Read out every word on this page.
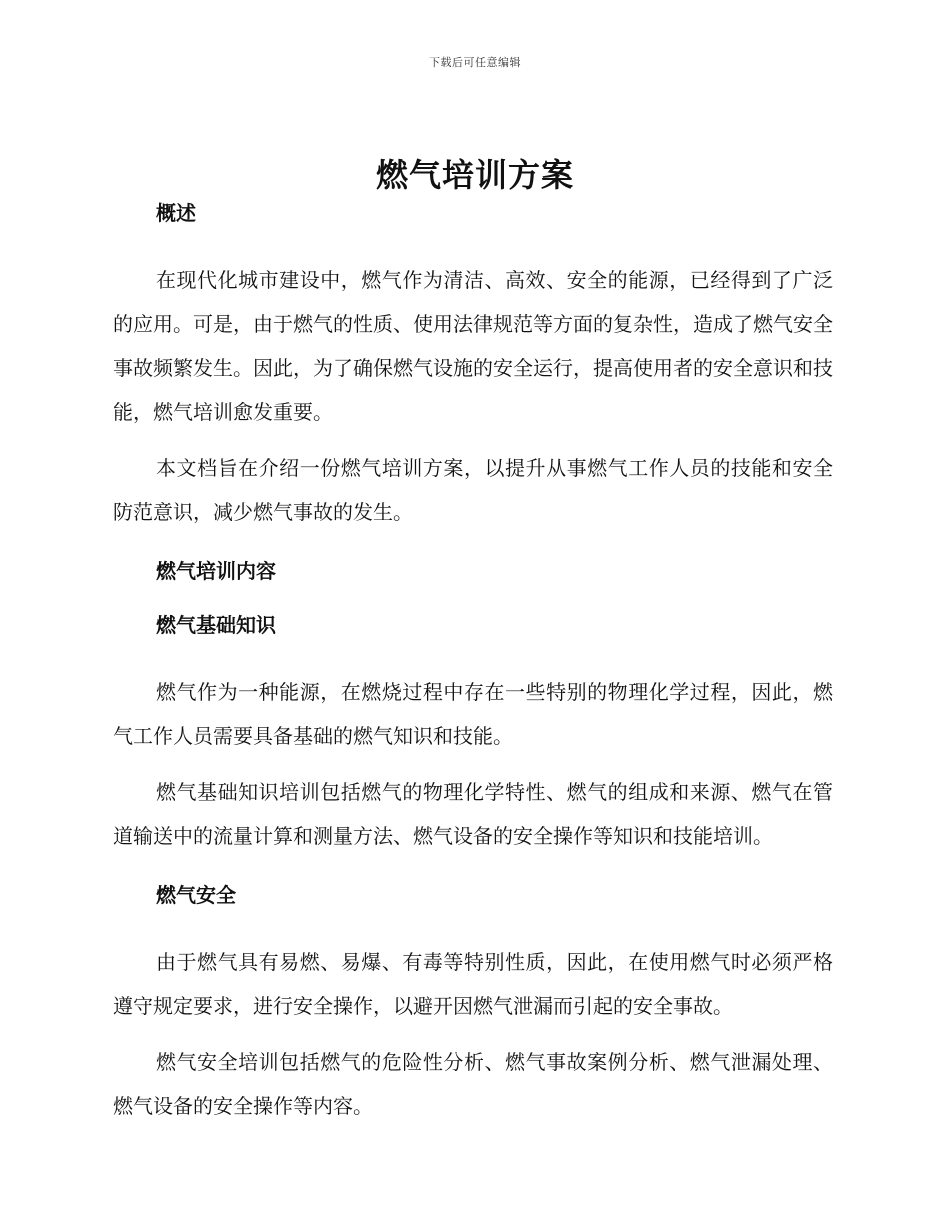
下载后可任意编辑
燃气培训方案

概述

在现代化城市建设中，燃气作为清洁、高效、安全的能源，已经得到了广泛的应用。可是，由于燃气的性质、使用法律规范等方面的复杂性，造成了燃气安全事故频繁发生。因此，为了确保燃气设施的安全运行，提高使用者的安全意识和技能，燃气培训愈发重要。

本文档旨在介绍一份燃气培训方案，以提升从事燃气工作人员的技能和安全防范意识，减少燃气事故的发生。

燃气培训内容

燃气基础知识

燃气作为一种能源，在燃烧过程中存在一些特别的物理化学过程，因此，燃气工作人员需要具备基础的燃气知识和技能。

燃气基础知识培训包括燃气的物理化学特性、燃气的组成和来源、燃气在管道输送中的流量计算和测量方法、燃气设备的安全操作等知识和技能培训。

燃气安全

由于燃气具有易燃、易爆、有毒等特别性质，因此，在使用燃气时必须严格遵守规定要求，进行安全操作，以避开因燃气泄漏而引起的安全事故。

燃气安全培训包括燃气的危险性分析、燃气事故案例分析、燃气泄漏处理、燃气设备的安全操作等内容。
